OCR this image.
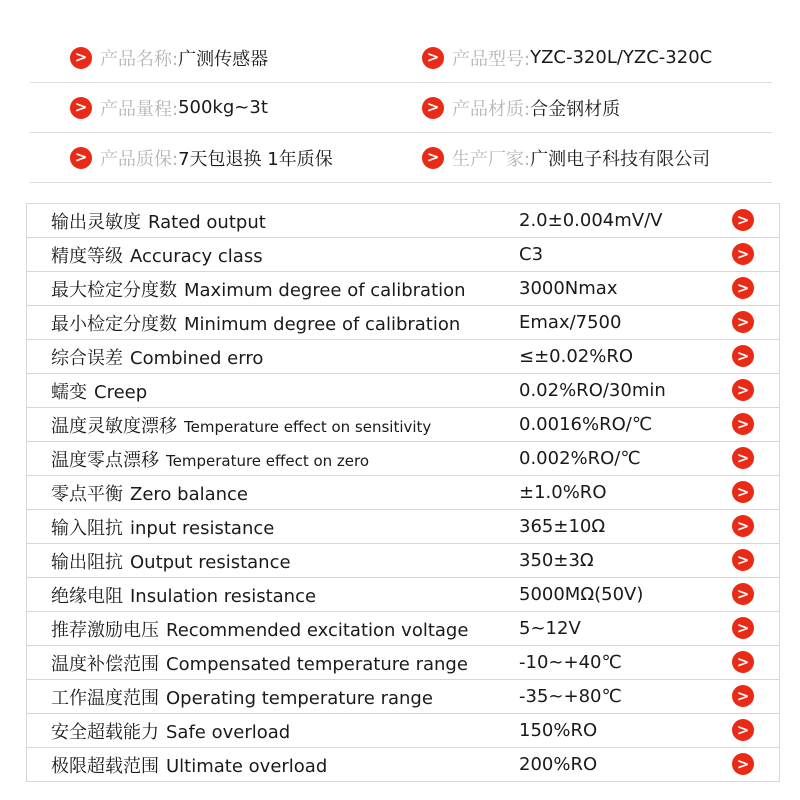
> 产品名称: 广测传感器	> 产品型号: YZC-320L/YZC-320C
> 产品量程: 500kg~3t	> 产品材质: 合金钢材质
> 产品质保: 7天包退换 1年质保	> 生产厂家: 广测电子科技有限公司
输出灵敏度 Rated output	2.0±0.004mV/V	>
精度等级 Accuracy class	C3	>
最大检定分度数 Maximum degree of calibration	3000Nmax	>
最小检定分度数 Minimum degree of calibration	Emax/7500	>
综合误差 Combined erro	≤±0.02%RO	>
蠕变 Creep	0.02%RO/30min	>
温度灵敏度漂移 Temperature effect on sensitivity	0.0016%RO/℃	>
温度零点漂移 Temperature effect on zero	0.002%RO/℃	>
零点平衡 Zero balance	±1.0%RO	>
输入阻抗 input resistance	365±10Ω	>
输出阻抗 Output resistance	350±3Ω	>
绝缘电阻 Insulation resistance	5000MΩ(50V)	>
推荐激励电压 Recommended excitation voltage	5~12V	>
温度补偿范围 Compensated temperature range	-10~+40℃	>
工作温度范围 Operating temperature range	-35~+80℃	>
安全超载能力 Safe overload	150%RO	>
极限超载范围 Ultimate overload	200%RO	>
